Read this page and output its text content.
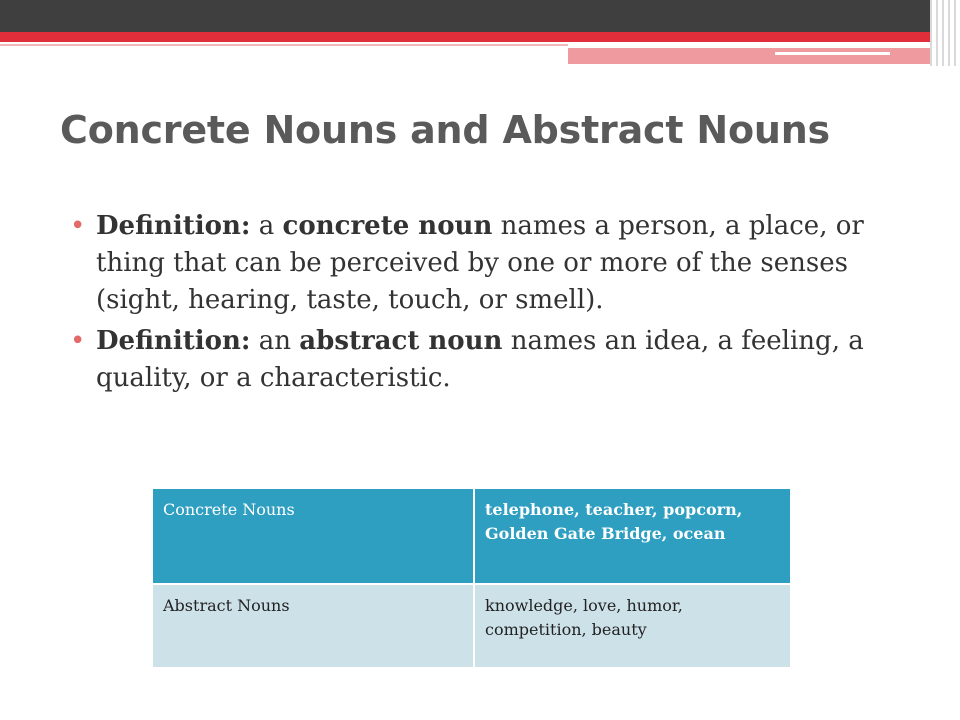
Concrete Nouns and Abstract Nouns
• Definition: a concrete noun names a person, a place, or thing that can be perceived by one or more of the senses (sight, hearing, taste, touch, or smell).
• Definition: an abstract noun names an idea, a feeling, a quality, or a characteristic.
Concrete Nouns	telephone, teacher, popcorn, Golden Gate Bridge, ocean
Abstract Nouns	knowledge, love, humor, competition, beauty
